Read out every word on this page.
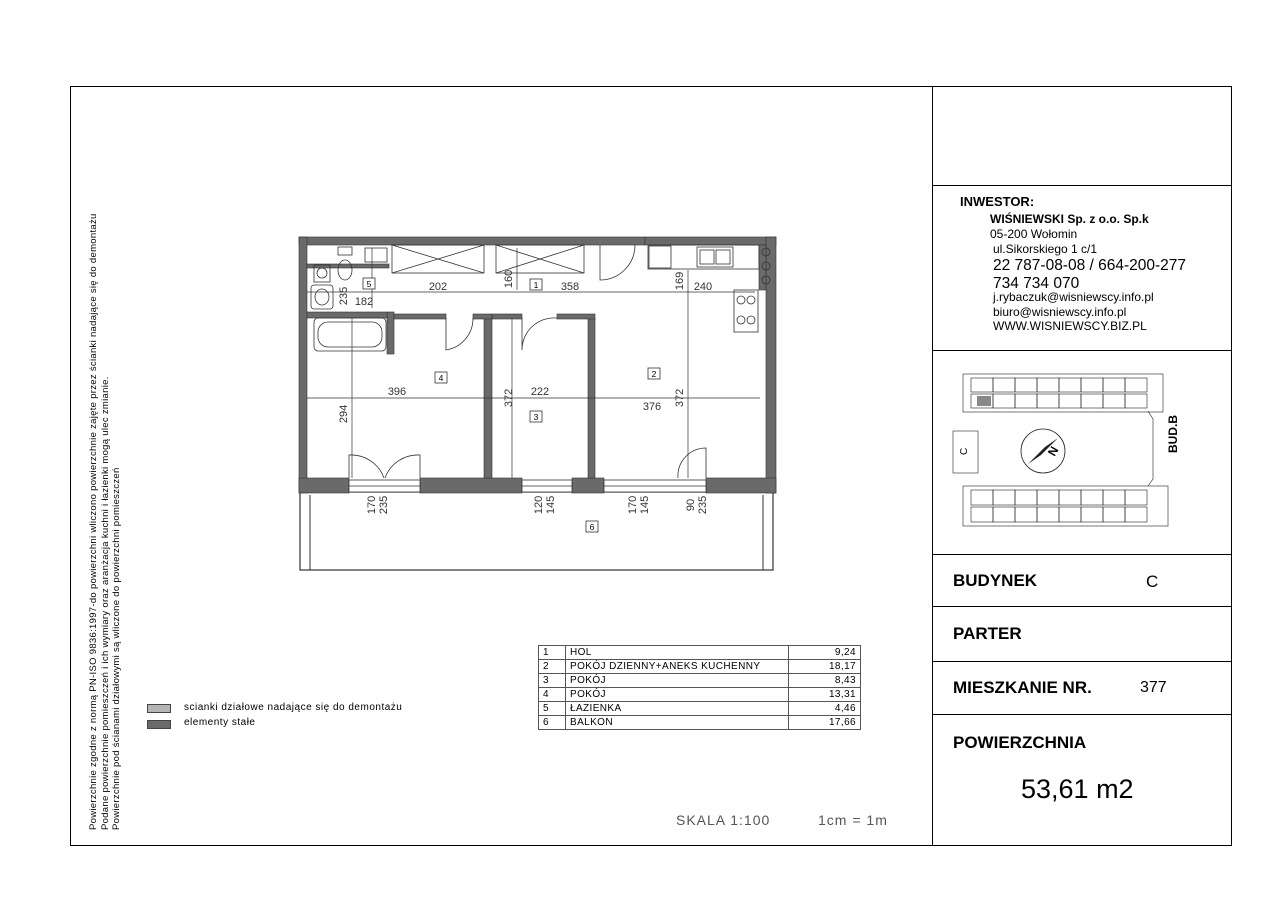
Powierzchnie zgodne z normą PN-ISO 9836:1997-do powierzchni wliczono powierzchnie zajęte przez ścianki nadające się do demontażu Podane powierzchnie pomieszczeń i ich wymiary oraz aranżacja kuchni i łazienki mogą ulec zmianie. Powierzchnie pod ścianami działowymi są wliczone do powierzchni pomieszczeń
5	1
2
4
3
6
182
202	358	240
396	222
376
235
160	169
294
372	372
170 235	120 145	170 145	90 235
scianki działowe nadające się do demontażu
elementy stałe
1	HOL	9,24
2	POKÓJ DZIENNY+ANEKS KUCHENNY	18,17
3	POKÓJ	8,43
4	POKÓJ	13,31
5	ŁAZIENKA	4,46
6	BALKON	17,66
SKALA 1:100	1cm = 1m
INWESTOR:
WIŚNIEWSKI Sp. z o.o. Sp.k
05-200 Wołomin
ul.Sikorskiego 1 c/1
22 787-08-08 / 664-200-277
734 734 070
j.rybaczuk@wisniewscy.info.pl
biuro@wisniewscy.info.pl
WWW.WISNIEWSCY.BIZ.PL
N
C	BUD.B
BUDYNEK	C
PARTER
MIESZKANIE NR.	377
POWIERZCHNIA
53,61 m2
